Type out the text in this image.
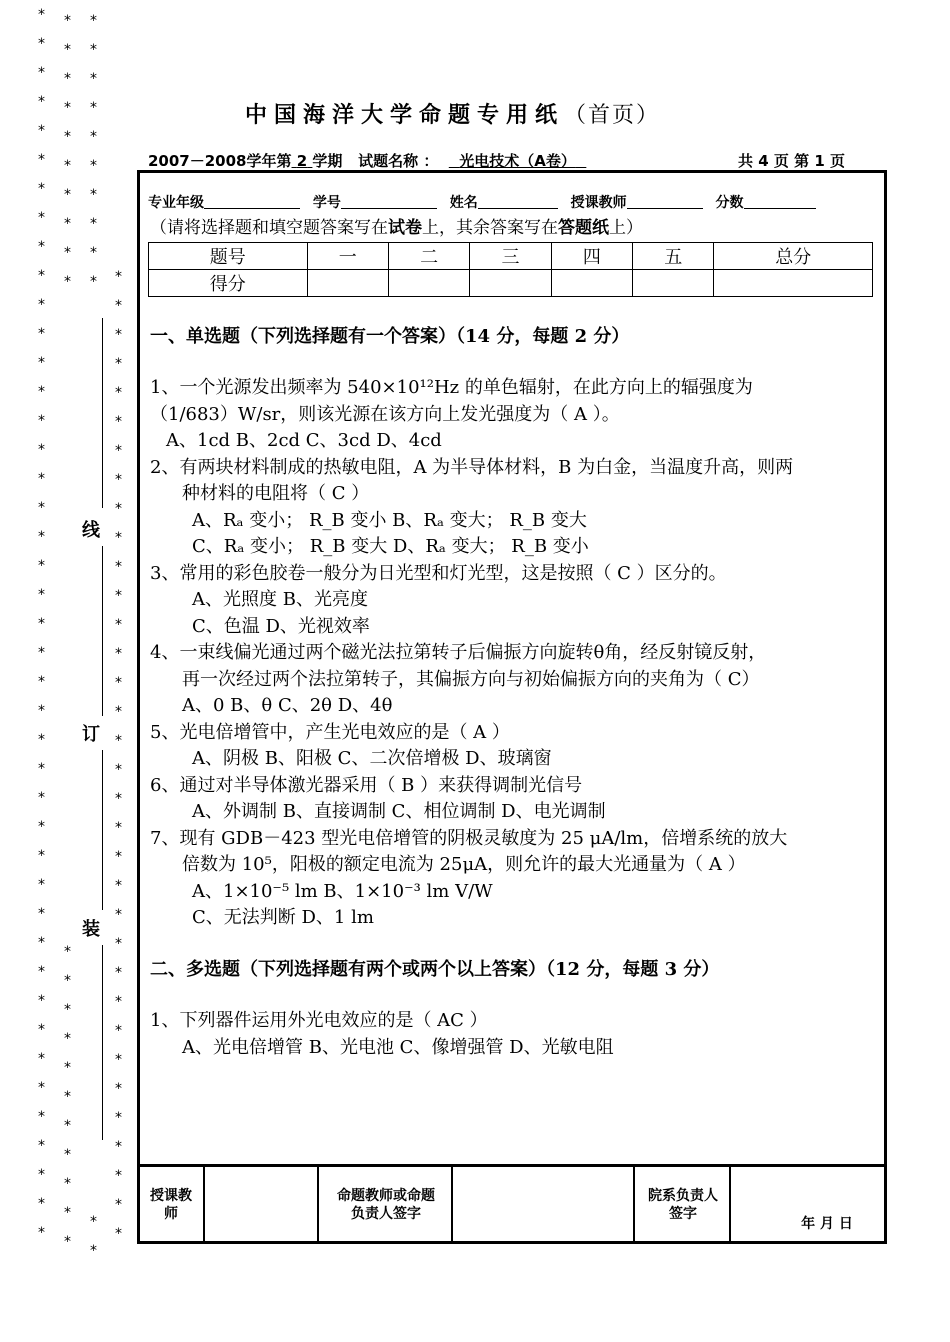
*
*
*
*
*
*
*
*
*
*
*
*
*
*
*
*
*
*
*
*
*
*
*
*
*
*
*
*
*
*
*
*
*
*
*
*
*
*
*
*
*
*
*
* *
* *
* *
* *
* *
* *
* *
* *
* *
* * *
*
*
*
*
*
*
*
*
*
*
*
*
*
*
*
*
*
*
*
*
*
*
*
*
*
*
*
*
*
*
*
*
*
*
*
*
*
*
*
*
*
*
*
*
*
*
线
订
装
中国海洋大学命题专用纸（首页）
2007－2008学年第 2 学期 试题名称 ： 光电技术（A卷）	共 4 页 第 1 页
专业年级	学号	姓名	授课教师	分数
（请将选择题和填空题答案写在试卷上，其余答案写在答题纸上）
题号	一	二	三	四	五	总分
得分						
一、单选题（下列选择题有一个答案）（14 分，每题 2 分）
1、一个光源发出频率为 540×10¹²Hz 的单色辐射，在此方向上的辐强度为
（1/683）W/sr，则该光源在该方向上发光强度为（ A ）。
A、1cd B、2cd C、3cd D、4cd
2、有两块材料制成的热敏电阻，A 为半导体材料，B 为白金，当温度升高，则两
种材料的电阻将（ C ）
A、Rₐ 变小； R_B 变小 B、Rₐ 变大； R_B 变大
C、Rₐ 变小； R_B 变大 D、Rₐ 变大； R_B 变小
3、常用的彩色胶卷一般分为日光型和灯光型，这是按照（ C ）区分的。
A、光照度 B、光亮度
C、色温 D、光视效率
4、一束线偏光通过两个磁光法拉第转子后偏振方向旋转θ角，经反射镜反射，
再一次经过两个法拉第转子，其偏振方向与初始偏振方向的夹角为（ C）
A、0 B、θ C、2θ D、4θ
5、光电倍增管中，产生光电效应的是（ A ）
A、阴极 B、阳极 C、二次倍增极 D、玻璃窗
6、通过对半导体激光器采用（ B ）来获得调制光信号
A、外调制 B、直接调制 C、相位调制 D、电光调制
7、现有 GDB－423 型光电倍增管的阴极灵敏度为 25 μA/lm，倍增系统的放大
倍数为 10⁵，阳极的额定电流为 25μA，则允许的最大光通量为（ A ）
A、1×10⁻⁵ lm B、1×10⁻³ lm V/W
C、无法判断 D、1 lm
二、多选题（下列选择题有两个或两个以上答案）（12 分，每题 3 分）
1、下列器件运用外光电效应的是（ AC ）
A、光电倍增管 B、光电池 C、像增强管 D、光敏电阻
授课教师
命题教师或命题负责人签字
院系负责人签字
年 月 日
